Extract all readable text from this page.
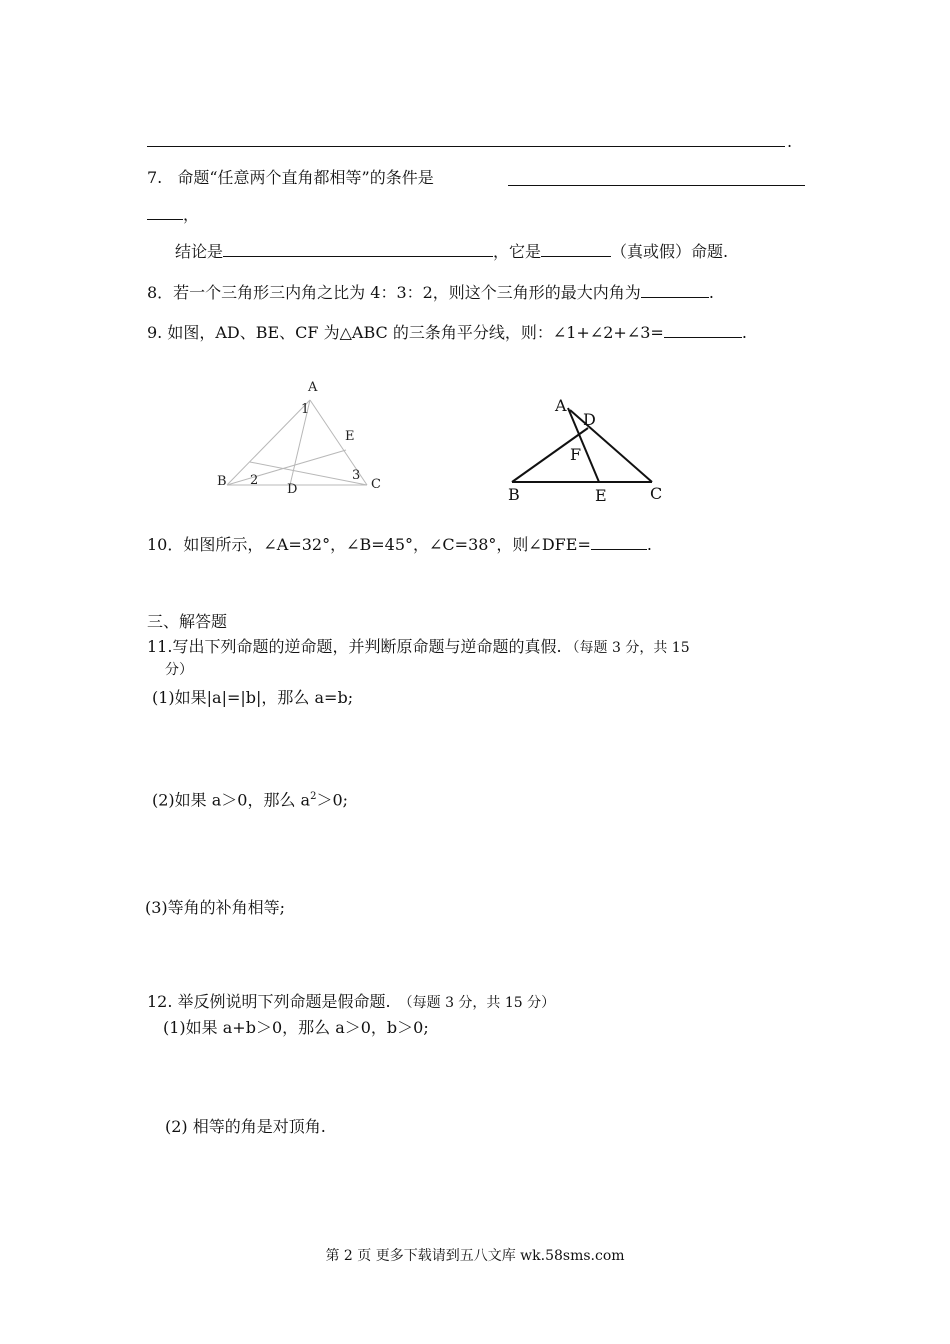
.
7. 命题“任意两个直角都相等”的条件是
，
结论是	，它是	（真或假）命题.
8．若一个三角形三内角之比为 4：3：2，则这个三角形的最大内角为	.
9. 如图，AD、BE、CF 为△ABC 的三条角平分线，则：∠1+∠2+∠3=	.
A
1
E
B 2
D
3
C
A
D
F
B	E	C
10．如图所示，∠A=32°，∠B=45°，∠C=38°，则∠DFE=	.
三、解答题
11.写出下列命题的逆命题，并判断原命题与逆命题的真假. （每题 3 分，共 15
分）
(1)如果|a|=|b|，那么 a=b;
(2)如果 a＞0，那么 $a^2>0$;
(3)等角的补角相等;
12. 举反例说明下列命题是假命题. （每题 3 分，共 15 分）
(1)如果 a+b＞0，那么 a＞0，b＞0;
(2) 相等的角是对顶角.
第 2 页 更多下载请到五八文库 wk.58sms.com
